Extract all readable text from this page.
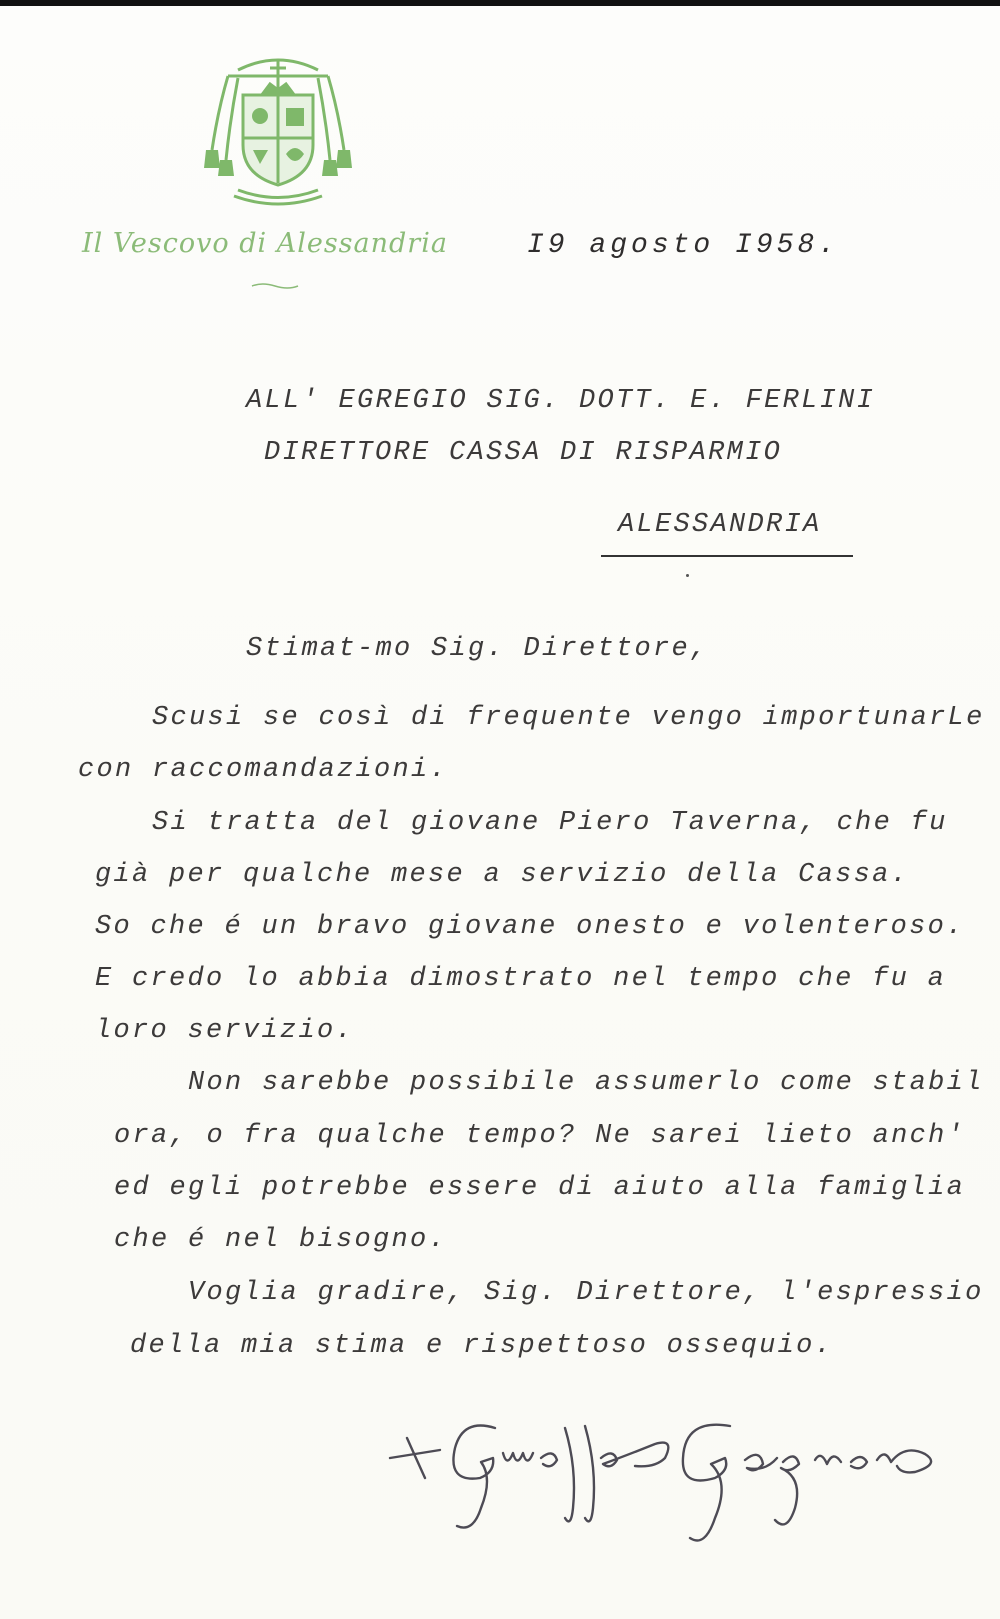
Il Vescovo di Alessandria	I9 agosto I958.
ALL' EGREGIO SIG. DOTT. E. FERLINI
DIRETTORE CASSA DI RISPARMIO
ALESSANDRIA
Stimat-mo Sig. Direttore,
Scusi se così di frequente vengo importunarLe
con raccomandazioni.
Si tratta del giovane Piero Taverna, che fu
già per qualche mese a servizio della Cassa.
So che é un bravo giovane onesto e volenteroso.
E credo lo abbia dimostrato nel tempo che fu a
loro servizio.
Non sarebbe possibile assumerlo come stabil
ora, o fra qualche tempo? Ne sarei lieto anch'
ed egli potrebbe essere di aiuto alla famiglia
che é nel bisogno.
Voglia gradire, Sig. Direttore, l'espressio
della mia stima e rispettoso ossequio.
